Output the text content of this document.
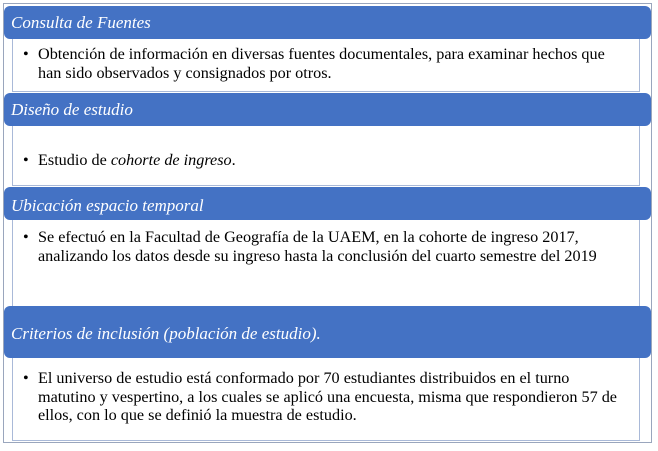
• Obtención de información en diversas fuentes documentales, para examinar hechos que han sido observados y consignados por otros.
Consulta de Fuentes
• Estudio de cohorte de ingreso.
Diseño de estudio
• Se efectuó en la Facultad de Geografía de la UAEM, en la cohorte de ingreso 2017, analizando los datos desde su ingreso hasta la conclusión del cuarto semestre del 2019
Ubicación espacio temporal
• El universo de estudio está conformado por 70 estudiantes distribuidos en el turno matutino y vespertino, a los cuales se aplicó una encuesta, misma que respondieron 57 de ellos, con lo que se definió la muestra de estudio.
Criterios de inclusión (población de estudio).
